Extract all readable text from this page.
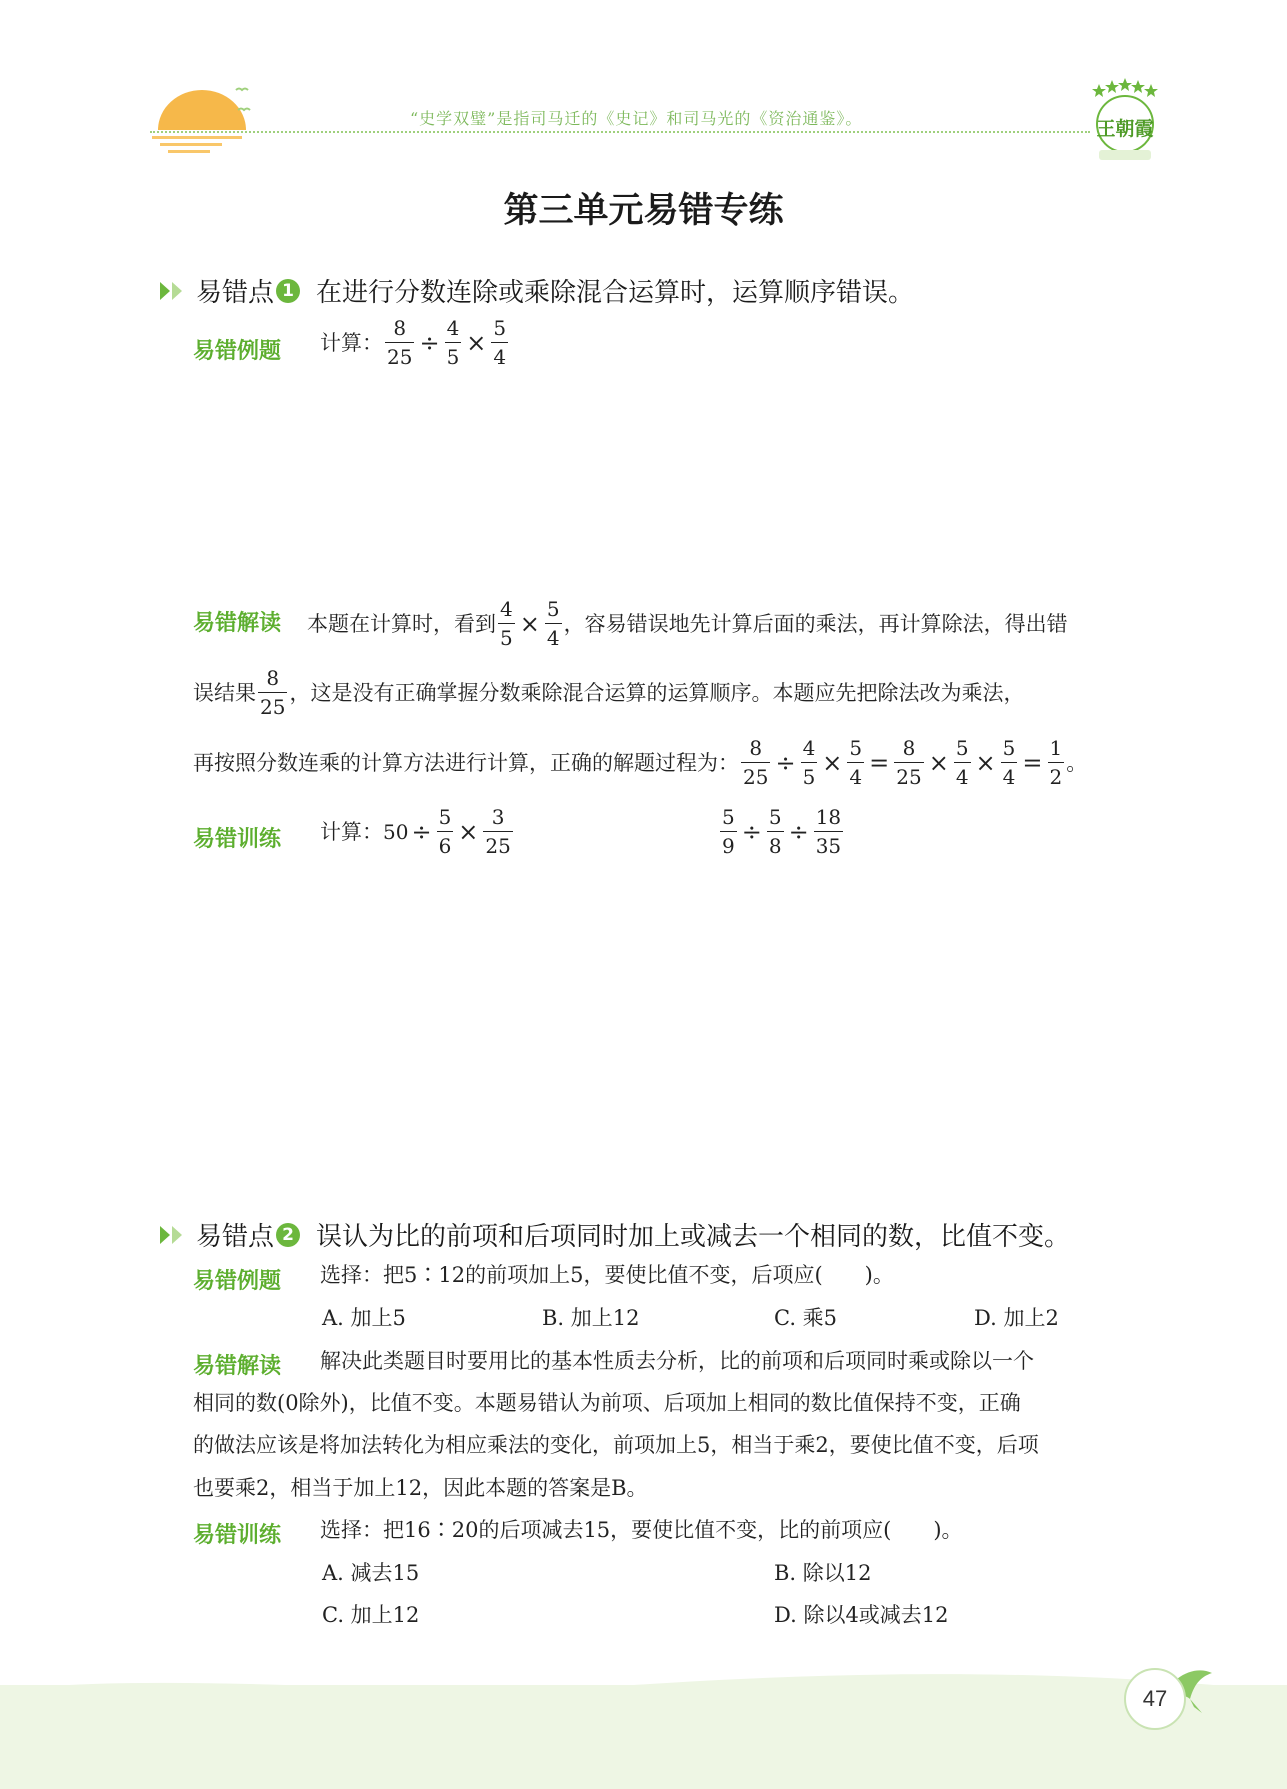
“史学双璧”是指司马迁的《史记》和司马光的《资治通鉴》。	王朝霞
第三单元易错专练
易错点 1 在进行分数连除或乘除混合运算时，运算顺序错误。
易错例题 计算： $\frac{8}{25} \div \frac{4}{5} \times \frac{5}{4}$
易错解读 本题在计算时，看到 $\frac{4}{5} \times \frac{5}{4}$ ，容易错误地先计算后面的乘法，再计算除法，得出错
误结果 $\frac{8}{25}$ ，这是没有正确掌握分数乘除混合运算的运算顺序。本题应先把除法改为乘法，
再按照分数连乘的计算方法进行计算，正确的解题过程为： $\frac{8}{25} \div \frac{4}{5} \times \frac{5}{4} = \frac{8}{25} \times \frac{5}{4} \times \frac{5}{4} = \frac{1}{2}$ 。
易错训练 计算： $50 \div \frac{5}{6} \times \frac{3}{25}$	$\frac{5}{9} \div \frac{5}{8} \div \frac{18}{35}$
易错点 2 误认为比的前项和后项同时加上或减去一个相同的数，比值不变。
易错例题 选择：把5∶12的前项加上5，要使比值不变，后项应(　　)。
A. 加上5	B. 加上12	C. 乘5	D. 加上2
易错解读 解决此类题目时要用比的基本性质去分析，比的前项和后项同时乘或除以一个
相同的数(0除外)，比值不变。本题易错认为前项、后项加上相同的数比值保持不变，正确
的做法应该是将加法转化为相应乘法的变化，前项加上5，相当于乘2，要使比值不变，后项
也要乘2，相当于加上12，因此本题的答案是B。
易错训练 选择：把16∶20的后项减去15，要使比值不变，比的前项应(　　)。
A. 减去15	B. 除以12
C. 加上12	D. 除以4或减去12
47
